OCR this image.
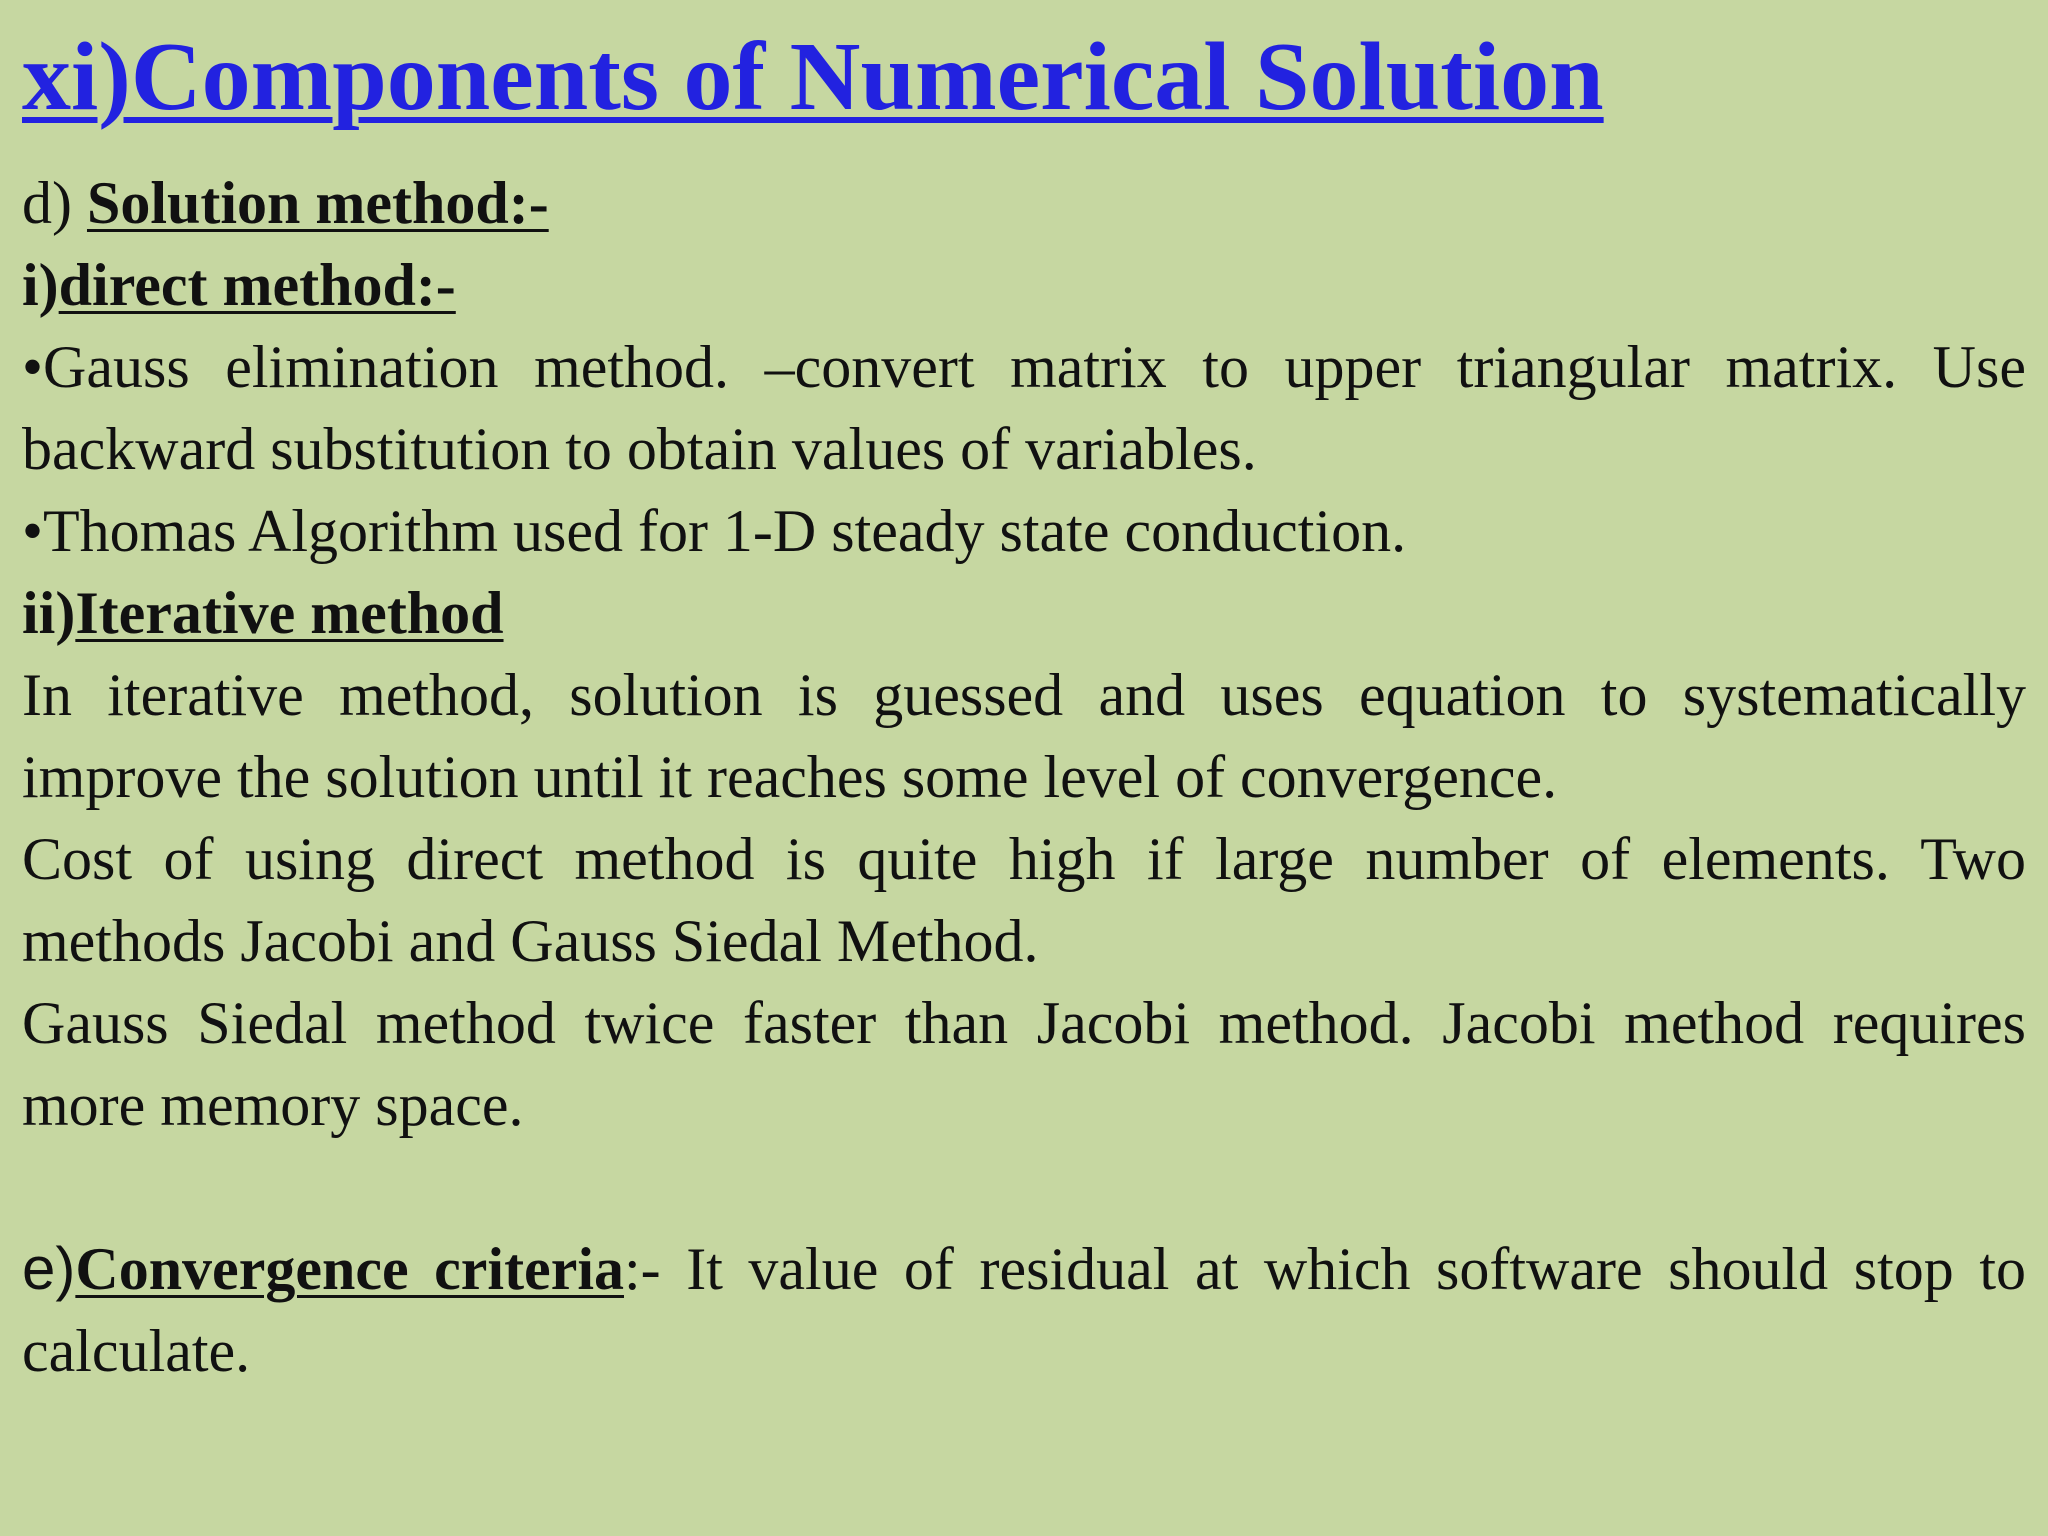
xi)Components of Numerical Solution
d) Solution method:-
i)direct method:-
•Gauss elimination method. –convert matrix to upper triangular matrix. Use backward substitution to obtain values of variables.
•Thomas Algorithm used for 1-D steady state conduction.
ii)Iterative method
In iterative method, solution is guessed and uses equation to systematically improve the solution until it reaches some level of convergence.
Cost of using direct method is quite high if large number of elements. Two methods Jacobi and Gauss Siedal Method.
Gauss Siedal method twice faster than Jacobi method. Jacobi method requires more memory space.
e)Convergence criteria:- It value of residual at which software should stop to calculate.
